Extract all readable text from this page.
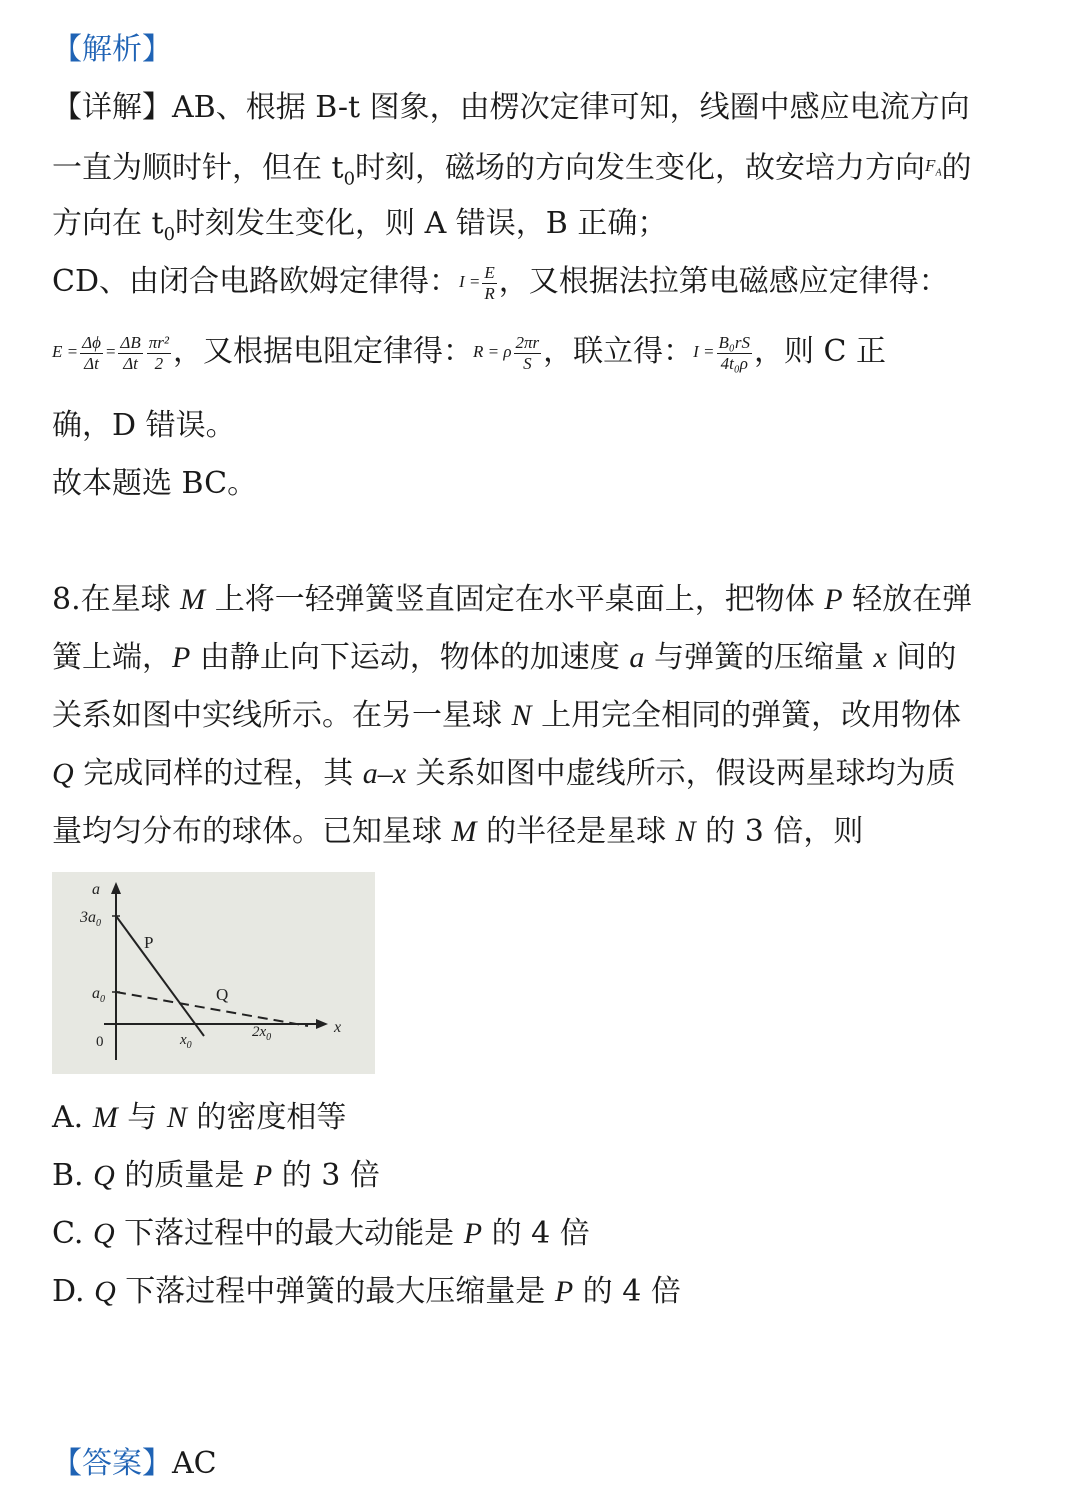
【解析】
【详解】AB、根据 B-t 图象，由楞次定律可知，线圈中感应电流方向
一直为顺时针，但在 $t_0$时刻，磁场的方向发生变化，故安培力方向$F_A$的
方向在 $t_0$时刻发生变化，则 A 错误，B 正确；
CD、由闭合电路欧姆定律得：$I = \frac{E}{R}$ ，又根据法拉第电磁感应定律得：
$E = \frac{\Delta\phi}{\Delta t} = \frac{\Delta B}{\Delta t} \frac{\text{πr²}}{2}$ ，又根据电阻定律得：R = ρ $\frac{2\pi r}{S}$ ，联立得：$I = \frac{\text{B₀rS}}{\text{4t₀ρ}}$ ，则 C 正
确，D 错误。
故本题选 BC。
8.在星球 M 上将一轻弹簧竖直固定在水平桌面上，把物体 P 轻放在弹
簧上端，P 由静止向下运动，物体的加速度 a 与弹簧的压缩量 x 间的
关系如图中实线所示。在另一星球 N 上用完全相同的弹簧，改用物体
Q 完成同样的过程，其 a–x 关系如图中虚线所示，假设两星球均为质
量均匀分布的球体。已知星球 M 的半径是星球 N 的 3 倍，则
a
x
0
$3a_0$
$a_0$
$x_0$
$2x_0$
P
Q
A. M 与 N 的密度相等
B. Q 的质量是 P 的 3 倍
C. Q 下落过程中的最大动能是 P 的 4 倍
D. Q 下落过程中弹簧的最大压缩量是 P 的 4 倍
【答案】AC
